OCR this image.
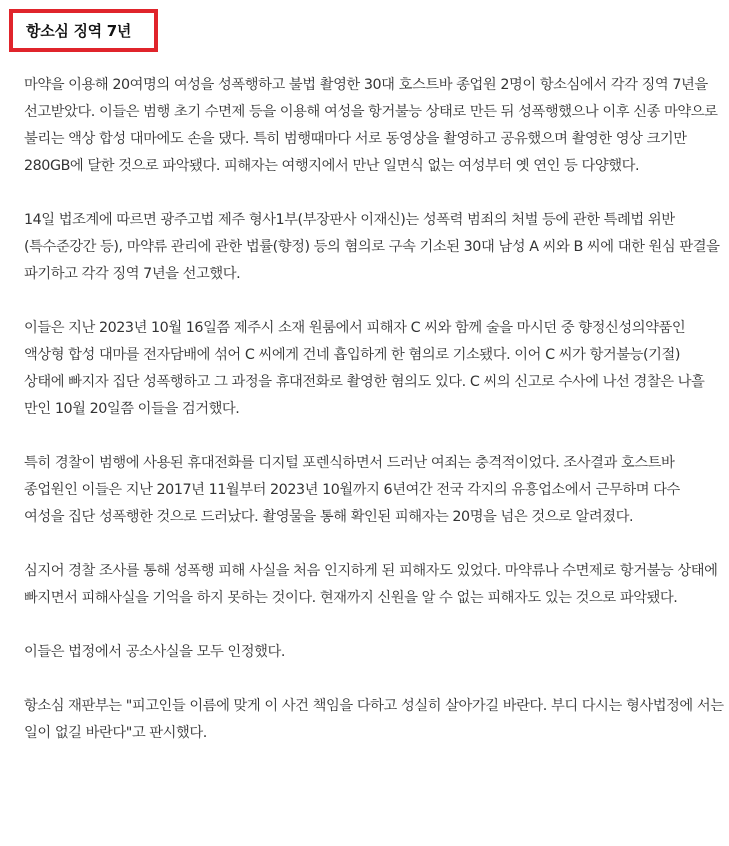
항소심 징역 7년

마약을 이용해 20여명의 여성을 성폭행하고 불법 촬영한 30대 호스트바 종업원 2명이 항소심에서 각각 징역 7년을 선고받았다. 이들은 범행 초기 수면제 등을 이용해 여성을 항거불능 상태로 만든 뒤 성폭행했으나 이후 신종 마약으로 불리는 액상 합성 대마에도 손을 댔다. 특히 범행때마다 서로 동영상을 촬영하고 공유했으며 촬영한 영상 크기만 280GB에 달한 것으로 파악됐다. 피해자는 여행지에서 만난 일면식 없는 여성부터 옛 연인 등 다양했다.

14일 법조계에 따르면 광주고법 제주 형사1부(부장판사 이재신)는 성폭력 범죄의 처벌 등에 관한 특례법 위반(특수준강간 등), 마약류 관리에 관한 법률(향정) 등의 혐의로 구속 기소된 30대 남성 A 씨와 B 씨에 대한 원심 판결을 파기하고 각각 징역 7년을 선고했다.

이들은 지난 2023년 10월 16일쯤 제주시 소재 원룸에서 피해자 C 씨와 함께 술을 마시던 중 향정신성의약품인 액상형 합성 대마를 전자담배에 섞어 C 씨에게 건네 흡입하게 한 혐의로 기소됐다. 이어 C 씨가 항거불능(기절) 상태에 빠지자 집단 성폭행하고 그 과정을 휴대전화로 촬영한 혐의도 있다. C 씨의 신고로 수사에 나선 경찰은 나흘 만인 10월 20일쯤 이들을 검거했다.

특히 경찰이 범행에 사용된 휴대전화를 디지털 포렌식하면서 드러난 여죄는 충격적이었다. 조사결과 호스트바 종업원인 이들은 지난 2017년 11월부터 2023년 10월까지 6년여간 전국 각지의 유흥업소에서 근무하며 다수 여성을 집단 성폭행한 것으로 드러났다. 촬영물을 통해 확인된 피해자는 20명을 넘은 것으로 알려졌다.

심지어 경찰 조사를 통해 성폭행 피해 사실을 처음 인지하게 된 피해자도 있었다. 마약류나 수면제로 항거불능 상태에 빠지면서 피해사실을 기억을 하지 못하는 것이다. 현재까지 신원을 알 수 없는 피해자도 있는 것으로 파악됐다.

이들은 법정에서 공소사실을 모두 인정했다.

항소심 재판부는 "피고인들 이름에 맞게 이 사건 책임을 다하고 성실히 살아가길 바란다. 부디 다시는 형사법정에 서는 일이 없길 바란다"고 판시했다.
